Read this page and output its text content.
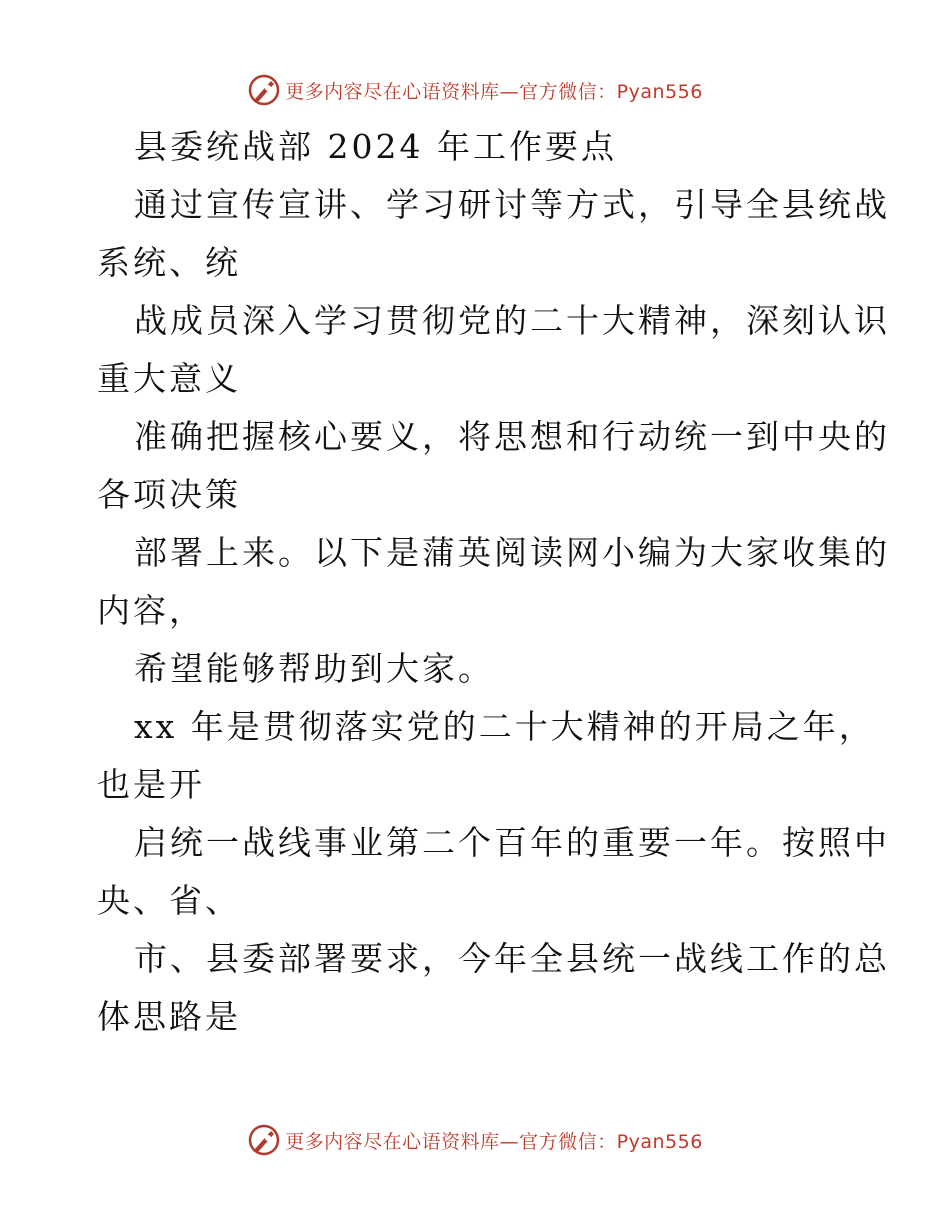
更多内容尽在心语资料库—官方微信：Pyan556
县委统战部 2024 年工作要点
通过宣传宣讲、学习研讨等方式，引导全县统战
系统、统
战成员深入学习贯彻党的二十大精神，深刻认识
重大意义
准确把握核心要义，将思想和行动统一到中央的
各项决策
部署上来。以下是蒲英阅读网小编为大家收集的
内容，
希望能够帮助到大家。
xx 年是贯彻落实党的二十大精神的开局之年，
也是开
启统一战线事业第二个百年的重要一年。按照中
央、省、
市、县委部署要求，今年全县统一战线工作的总
体思路是
更多内容尽在心语资料库—官方微信：Pyan556
